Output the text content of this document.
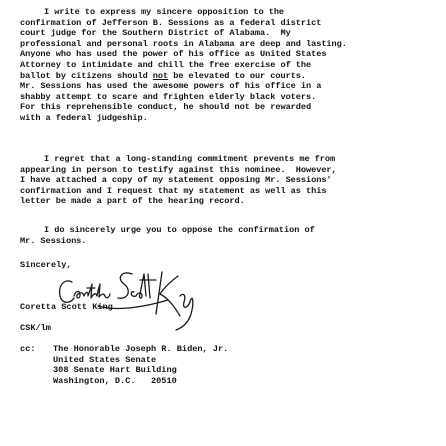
I write to express my sincere opposition to the
confirmation of Jefferson B. Sessions as a federal district
court judge for the Southern District of Alabama.  My
professional and personal roots in Alabama are deep and lasting.
Anyone who has used the power of his office as United States
Attorney to intimidate and chill the free exercise of the
ballot by citizens should not be elevated to our courts.
Mr. Sessions has used the awesome powers of his office in a
shabby attempt to scare and frighten elderly black voters.
For this reprehensible conduct, he should not be rewarded
with a federal judgeship.
I regret that a long-standing commitment prevents me from
appearing in person to testify against this nominee.  However,
I have attached a copy of my statement opposing Mr. Sessions'
confirmation and I request that my statement as well as this
letter be made a part of the hearing record.
I do sincerely urge you to oppose the confirmation of
Mr. Sessions.
Sincerely,
Coretta Scott King
CSK/lm
cc:	The Honorable Joseph R. Biden, Jr.
United States Senate
308 Senate Hart Building
Washington, D.C.   20510
